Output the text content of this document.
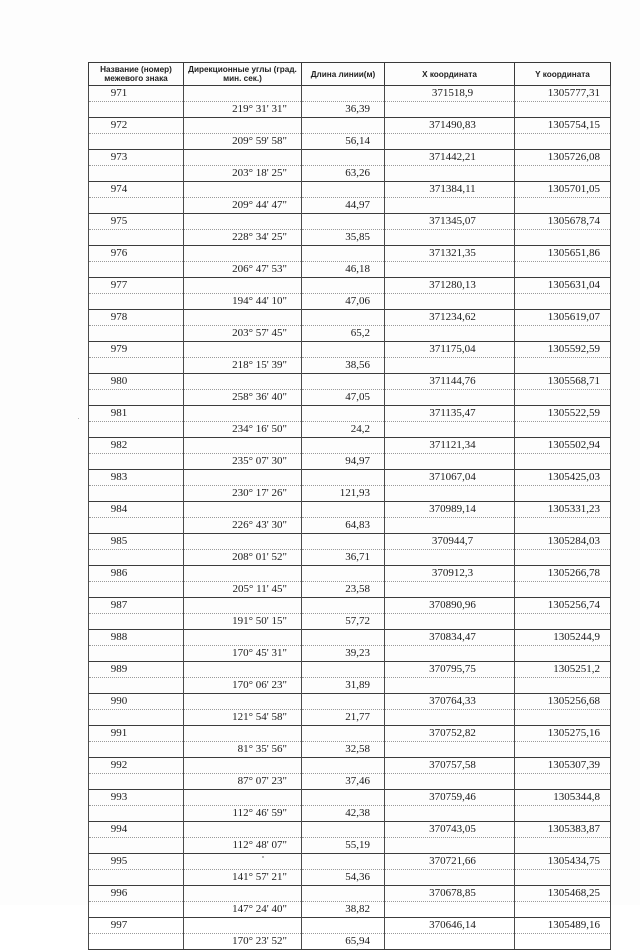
Название (номер) межевого знака	Дирекционные углы (град. мин. сек.)	Длина линии(м)	X координата	Y координата
971			371518,9	1305777,31
	219° 31' 31"	36,39		
972			371490,83	1305754,15
	209° 59' 58"	56,14		
973			371442,21	1305726,08
	203° 18' 25"	63,26		
974			371384,11	1305701,05
	209° 44' 47"	44,97		
975			371345,07	1305678,74
	228° 34' 25"	35,85		
976			371321,35	1305651,86
	206° 47' 53"	46,18		
977			371280,13	1305631,04
	194° 44' 10"	47,06		
978			371234,62	1305619,07
	203° 57' 45"	65,2		
979			371175,04	1305592,59
	218° 15' 39"	38,56		
980			371144,76	1305568,71
	258° 36' 40"	47,05		
981			371135,47	1305522,59
	234° 16' 50"	24,2		
982			371121,34	1305502,94
	235° 07' 30"	94,97		
983			371067,04	1305425,03
	230° 17' 26"	121,93		
984			370989,14	1305331,23
	226° 43' 30"	64,83		
985			370944,7	1305284,03
	208° 01' 52"	36,71		
986			370912,3	1305266,78
	205° 11' 45"	23,58		
987			370890,96	1305256,74
	191° 50' 15"	57,72		
988			370834,47	1305244,9
	170° 45' 31"	39,23		
989			370795,75	1305251,2
	170° 06' 23"	31,89		
990			370764,33	1305256,68
	121° 54' 58"	21,77		
991			370752,82	1305275,16
	81° 35' 56"	32,58		
992			370757,58	1305307,39
	87° 07' 23"	37,46		
993			370759,46	1305344,8
	112° 46' 59"	42,38		
994			370743,05	1305383,87
	112° 48' 07"	55,19		
995			370721,66	1305434,75
	141° 57' 21"	54,36		
996			370678,85	1305468,25
	147° 24' 40"	38,82		
997			370646,14	1305489,16
	170° 23' 52"	65,94		
